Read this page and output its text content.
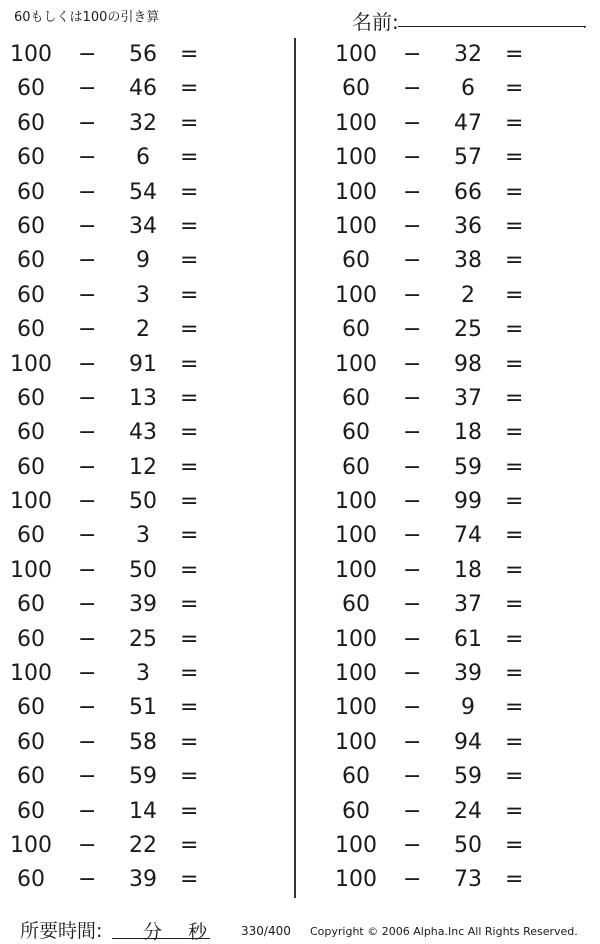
60もしくは100の引き算	名前:	.
100	−	56	=
60	−	46	=
60	−	32	=
60	−	6	=
60	−	54	=
60	−	34	=
60	−	9	=
60	−	3	=
60	−	2	=
100	−	91	=
60	−	13	=
60	−	43	=
60	−	12	=
100	−	50	=
60	−	3	=
100	−	50	=
60	−	39	=
60	−	25	=
100	−	3	=
60	−	51	=
60	−	58	=
60	−	59	=
60	−	14	=
100	−	22	=
60	−	39	=
100	−	32	=
60	−	6	=
100	−	47	=
100	−	57	=
100	−	66	=
100	−	36	=
60	−	38	=
100	−	2	=
60	−	25	=
100	−	98	=
60	−	37	=
60	−	18	=
60	−	59	=
100	−	99	=
100	−	74	=
100	−	18	=
60	−	37	=
100	−	61	=
100	−	39	=
100	−	9	=
100	−	94	=
60	−	59	=
60	−	24	=
100	−	50	=
100	−	73	=
所要時間: 分 秒	330/400 Copyright © 2006 Alpha.Inc All Rights Reserved.
